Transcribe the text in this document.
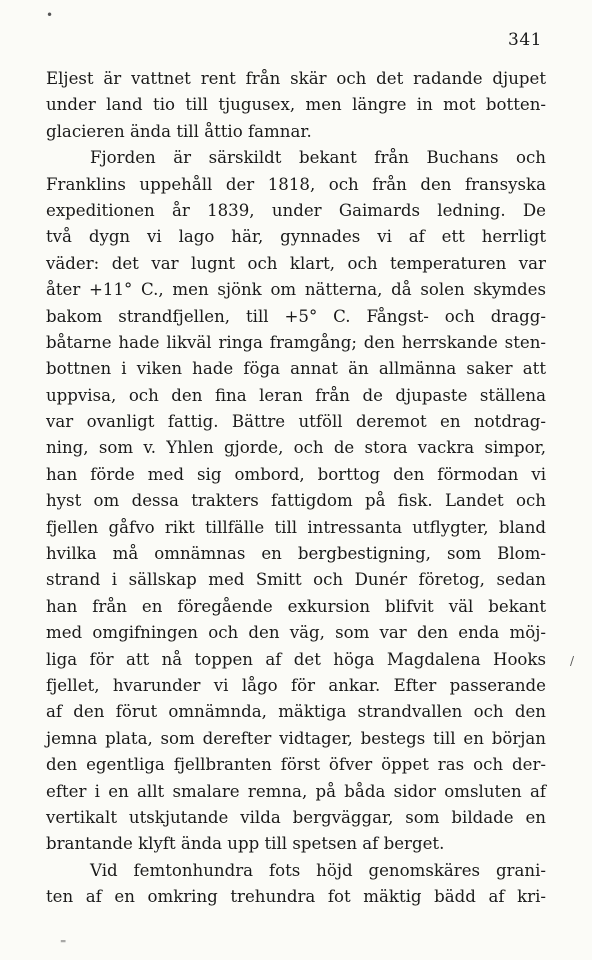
•
/
⁼
341
Eljest är vattnet rent från skär och det radande djupet
under land tio till tjugusex, men längre in mot botten-
glacieren ända till åttio famnar.
Fjorden är särskildt bekant från Buchans och
Franklins uppehåll der 1818, och från den fransyska
expeditionen år 1839, under Gaimards ledning. De
två dygn vi lago här, gynnades vi af ett herrligt
väder: det var lugnt och klart, och temperaturen var
åter +11° C., men sjönk om nätterna, då solen skymdes
bakom strandfjellen, till +5° C. Fångst- och dragg-
båtarne hade likväl ringa framgång; den herrskande sten-
bottnen i viken hade föga annat än allmänna saker att
uppvisa, och den fina leran från de djupaste ställena
var ovanligt fattig. Bättre utföll deremot en notdrag-
ning, som v. Yhlen gjorde, och de stora vackra simpor,
han förde med sig ombord, borttog den förmodan vi
hyst om dessa trakters fattigdom på fisk. Landet och
fjellen gåfvo rikt tillfälle till intressanta utflygter, bland
hvilka må omnämnas en bergbestigning, som Blom-
strand i sällskap med Smitt och Dunér företog, sedan
han från en föregående exkursion blifvit väl bekant
med omgifningen och den väg, som var den enda möj-
liga för att nå toppen af det höga Magdalena Hooks
fjellet, hvarunder vi lågo för ankar. Efter passerande
af den förut omnämnda, mäktiga strandvallen och den
jemna plata, som derefter vidtager, bestegs till en början
den egentliga fjellbranten först öfver öppet ras och der-
efter i en allt smalare remna, på båda sidor omsluten af
vertikalt utskjutande vilda bergväggar, som bildade en
brantande klyft ända upp till spetsen af berget.
Vid femtonhundra fots höjd genomskäres grani-
ten af en omkring trehundra fot mäktig bädd af kri-
